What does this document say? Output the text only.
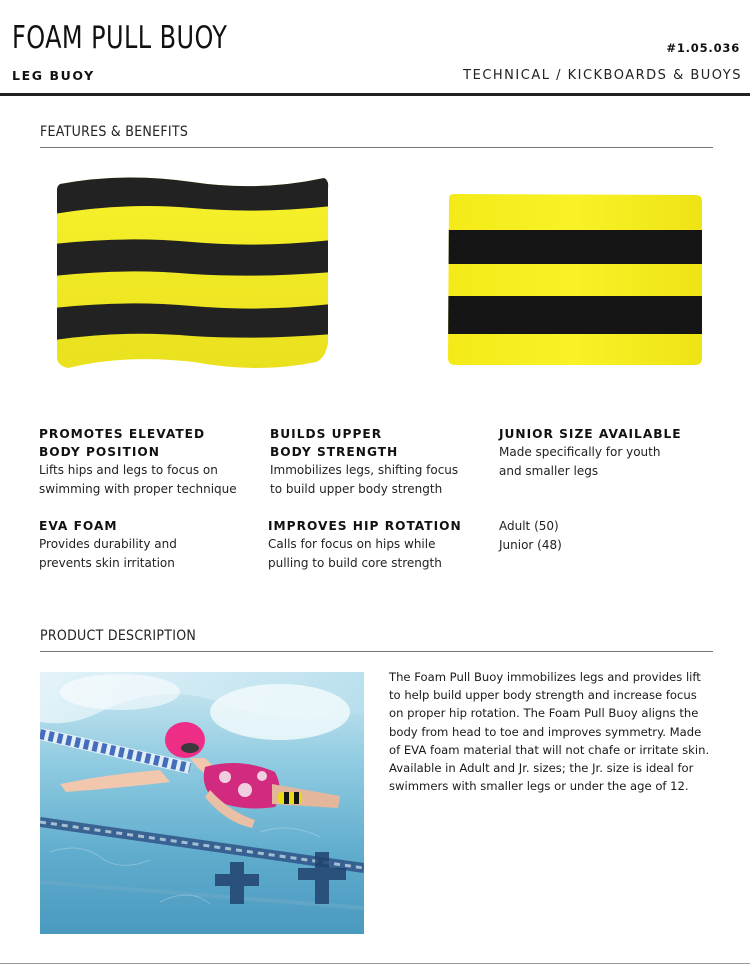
FOAM PULL BUOY
LEG BUOY
#1.05.036
TECHNICAL / KICKBOARDS & BUOYS
FEATURES & BENEFITS
PROMOTES ELEVATED
BODY POSITION
Lifts hips and legs to focus on
swimming with proper technique
BUILDS UPPER
BODY STRENGTH
Immobilizes legs, shifting focus
to build upper body strength
JUNIOR SIZE AVAILABLE
Made specifically for youth
and smaller legs
EVA FOAM
Provides durability and
prevents skin irritation
IMPROVES HIP ROTATION
Calls for focus on hips while
pulling to build core strength
Adult (50)
Junior (48)
PRODUCT DESCRIPTION
The Foam Pull Buoy immobilizes legs and provides lift to help build upper body strength and increase focus on proper hip rotation. The Foam Pull Buoy aligns the body from head to toe and improves symmetry. Made of EVA foam material that will not chafe or irritate skin. Available in Adult and Jr. sizes; the Jr. size is ideal for swimmers with smaller legs or under the age of 12.
